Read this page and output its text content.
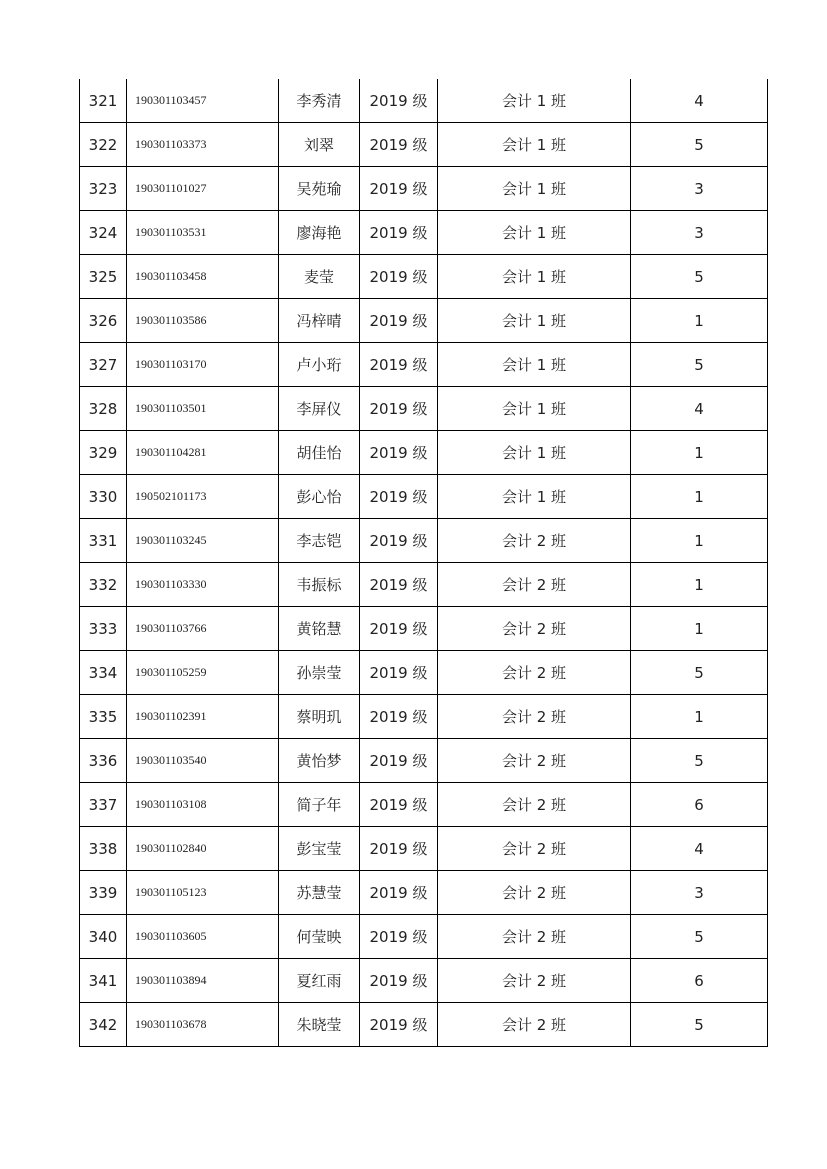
321	190301103457	李秀清	2019 级	会计 1 班	4
322	190301103373	刘翠	2019 级	会计 1 班	5
323	190301101027	吴苑瑜	2019 级	会计 1 班	3
324	190301103531	廖海艳	2019 级	会计 1 班	3
325	190301103458	麦莹	2019 级	会计 1 班	5
326	190301103586	冯梓晴	2019 级	会计 1 班	1
327	190301103170	卢小珩	2019 级	会计 1 班	5
328	190301103501	李屏仪	2019 级	会计 1 班	4
329	190301104281	胡佳怡	2019 级	会计 1 班	1
330	190502101173	彭心怡	2019 级	会计 1 班	1
331	190301103245	李志铠	2019 级	会计 2 班	1
332	190301103330	韦振标	2019 级	会计 2 班	1
333	190301103766	黄铭慧	2019 级	会计 2 班	1
334	190301105259	孙崇莹	2019 级	会计 2 班	5
335	190301102391	蔡明玑	2019 级	会计 2 班	1
336	190301103540	黄怡梦	2019 级	会计 2 班	5
337	190301103108	简子年	2019 级	会计 2 班	6
338	190301102840	彭宝莹	2019 级	会计 2 班	4
339	190301105123	苏慧莹	2019 级	会计 2 班	3
340	190301103605	何莹映	2019 级	会计 2 班	5
341	190301103894	夏红雨	2019 级	会计 2 班	6
342	190301103678	朱晓莹	2019 级	会计 2 班	5
